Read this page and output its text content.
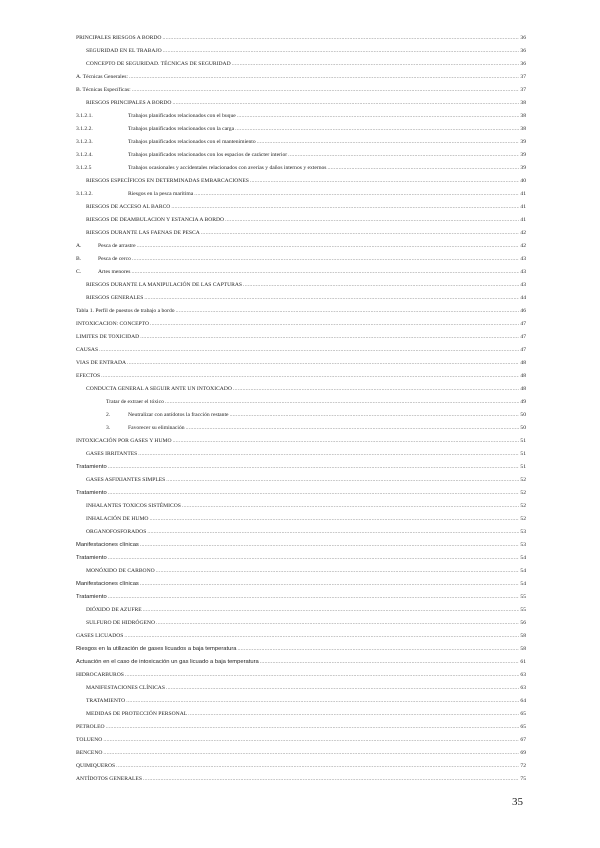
PRINCIPALES RIESGOS A BORDO .....	36
SEGURIDAD EN EL TRABAJO .....	36
CONCEPTO DE SEGURIDAD. TÉCNICAS DE SEGURIDAD .....	36
A. Técnicas Generales: .....	37
B. Técnicas Específicas: .....	37
RIESGOS PRINCIPALES A BORDO .....	38
3.1.2.1.	Trabajos planificados relacionados con el buque .....	38
3.1.2.2.	Trabajos planificados relacionados con la carga .....	38
3.1.2.3.	Trabajos planificados relacionados con el mantenimiento .....	39
3.1.2.4.	Trabajos planificados relacionados con los espacios de carácter interior .....	39
3.1.2.5	Trabajos ocasionales y accidentales relacionados con averías y daños internos y externos .....	39
RIESGOS ESPECÍFICOS EN DETERMINADAS EMBARCACIONES .....	40
3.1.3.2.	Riesgos en la pesca marítima .....	41
RIESGOS DE ACCESO AL BARCO .....	41
RIESGOS DE DEAMBULACION Y ESTANCIA A BORDO .....	41
RIESGOS DURANTE LAS FAENAS DE PESCA .....	42
A.	Pesca de arrastre .....	42
B.	Pesca de cerco .....	43
C.	Artes menores .....	43
RIESGOS DURANTE LA MANIPULACIÓN DE LAS CAPTURAS .....	43
RIESGOS GENERALES .....	44
Tabla 1. Perfil de puestos de trabajo a bordo .....	46
INTOXICACION: CONCEPTO .....	47
LIMITES DE TOXICIDAD .....	47
CAUSAS .....	47
VIAS DE ENTRADA .....	48
EFECTOS .....	48
CONDUCTA GENERAL A SEGUIR ANTE UN INTOXICADO .....	48
Tratar de extraer el tóxico .....	49
2.	Neutralizar con antídotos la fracción restante .....	50
3.	Favorecer su eliminación .....	50
INTOXICACIÓN POR GASES Y HUMO .....	51
GASES IRRITANTES .....	51
Tratamiento .....	51
GASES ASFIXIANTES SIMPLES .....	52
Tratamiento .....	52
INHALANTES TOXICOS SISTÉMICOS .....	52
INHALACIÓN DE HUMO .....	52
ORGANOFOSFORADOS .....	53
Manifestaciones clínicas .....	53
Tratamiento .....	54
MONÓXIDO DE CARBONO .....	54
Manifestaciones clínicas .....	54
Tratamiento .....	55
DIÓXIDO DE AZUFRE .....	55
SULFURO DE HIDRÓGENO .....	56
GASES LICUADOS .....	58
Riesgos en la utilización de gases licuados a baja temperatura .....	58
Actuación en el caso de intoxicación un gas licuado a baja temperatura .....	61
HIDROCARBUROS .....	63
MANIFESTACIONES CLÍNICAS .....	63
TRATAMIENTO .....	64
MEDIDAS DE PROTECCIÓN PERSONAL .....	65
PETROLEO .....	65
TOLUENO .....	67
BENCENO .....	69
QUIMIQUEROS .....	72
ANTÍDOTOS GENERALES .....	75
35
